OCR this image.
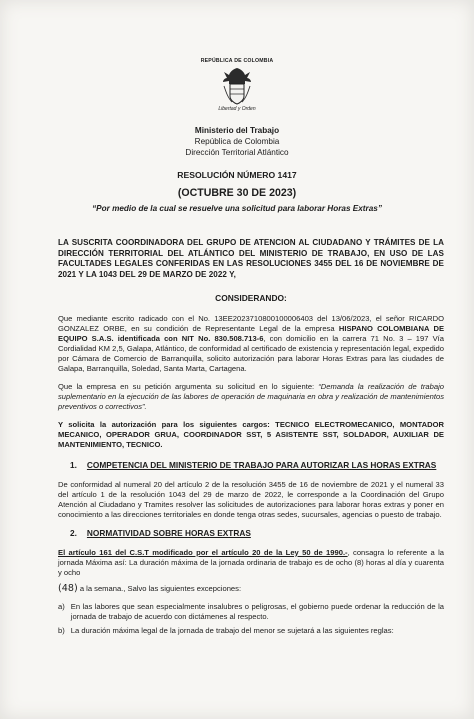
REPÚBLICA DE COLOMBIA
Libertad y Orden
Ministerio del Trabajo
República de Colombia
Dirección Territorial Atlántico
RESOLUCIÓN NÚMERO 1417
(OCTUBRE 30 DE 2023)
“Por medio de la cual se resuelve una solicitud para laborar Horas Extras”
LA SUSCRITA COORDINADORA DEL GRUPO DE ATENCION AL CIUDADANO Y TRÁMITES DE LA DIRECCIÓN TERRITORIAL DEL ATLÁNTICO DEL MINISTERIO DE TRABAJO, EN USO DE LAS FACULTADES LEGALES CONFERIDAS EN LAS RESOLUCIONES 3455 DEL 16 DE NOVIEMBRE DE 2021 Y LA 1043 DEL 29 DE MARZO DE 2022 Y,
CONSIDERANDO:

Que mediante escrito radicado con el No. 13EE2023710800100006403 del 13/06/2023, el señor RICARDO GONZALEZ ORBE, en su condición de Representante Legal de la empresa HISPANO COLOMBIANA DE EQUIPO S.A.S. identificada con NIT No. 830.508.713-6, con domicilio en la carrera 71 No. 3 – 197 Vía Cordialidad KM 2,5, Galapa, Atlántico, de conformidad al certificado de existencia y representación legal, expedido por Cámara de Comercio de Barranquilla, solicito autorización para laborar Horas Extras para las ciudades de Galapa, Barranquilla, Soledad, Santa Marta, Cartagena.

Que la empresa en su petición argumenta su solicitud en lo siguiente: “Demanda la realización de trabajo suplementario en la ejecución de las labores de operación de maquinaria en obra y realización de mantenimientos preventivos o correctivos”.

Y solicita la autorización para los siguientes cargos: TECNICO ELECTROMECANICO, MONTADOR MECANICO, OPERADOR GRUA, COORDINADOR SST, 5 ASISTENTE SST, SOLDADOR, AUXILIAR DE MANTENIMIENTO, TECNICO.

1. COMPETENCIA DEL MINISTERIO DE TRABAJO PARA AUTORIZAR LAS HORAS EXTRAS

De conformidad al numeral 20 del artículo 2 de la resolución 3455 de 16 de noviembre de 2021 y el numeral 33 del artículo 1 de la resolución 1043 del 29 de marzo de 2022, le corresponde a la Coordinación del Grupo Atención al Ciudadano y Tramites resolver las solicitudes de autorizaciones para laborar horas extras y poner en conocimiento a las direcciones territoriales en donde tenga otras sedes, sucursales, agencias o puesto de trabajo.

2. NORMATIVIDAD SOBRE HORAS EXTRAS

El artículo 161 del C.S.T modificado por el artículo 20 de la Ley 50 de 1990.-, consagra lo referente a la jornada Máxima así: La duración máxima de la jornada ordinaria de trabajo es de ocho (8) horas al día y cuarenta y ocho

(48) a la semana., Salvo las siguientes excepciones:

a) En las labores que sean especialmente insalubres o peligrosas, el gobierno puede ordenar la reducción de la jornada de trabajo de acuerdo con dictámenes al respecto.
b) La duración máxima legal de la jornada de trabajo del menor se sujetará a las siguientes reglas:
